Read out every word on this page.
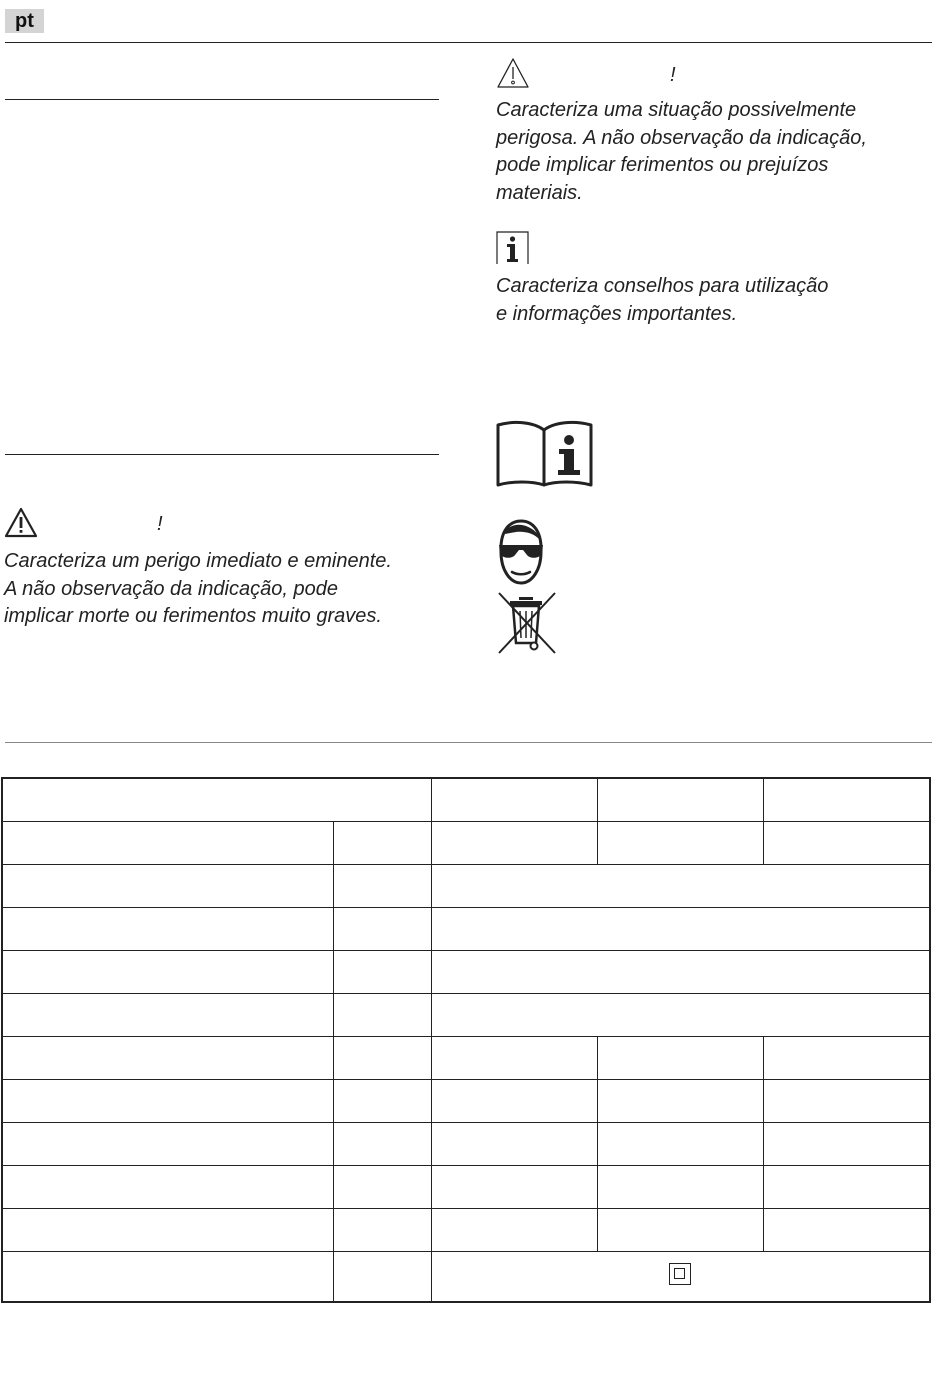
pt
!
Caracteriza um perigo imediato e eminente.
A não observação da indicação, pode
implicar morte ou ferimentos muito graves.
!
Caracteriza uma situação possivelmente
perigosa. A não observação da indicação,
pode implicar ferimentos ou prejuízos
materiais.
Caracteriza conselhos para utilização
e informações importantes.
